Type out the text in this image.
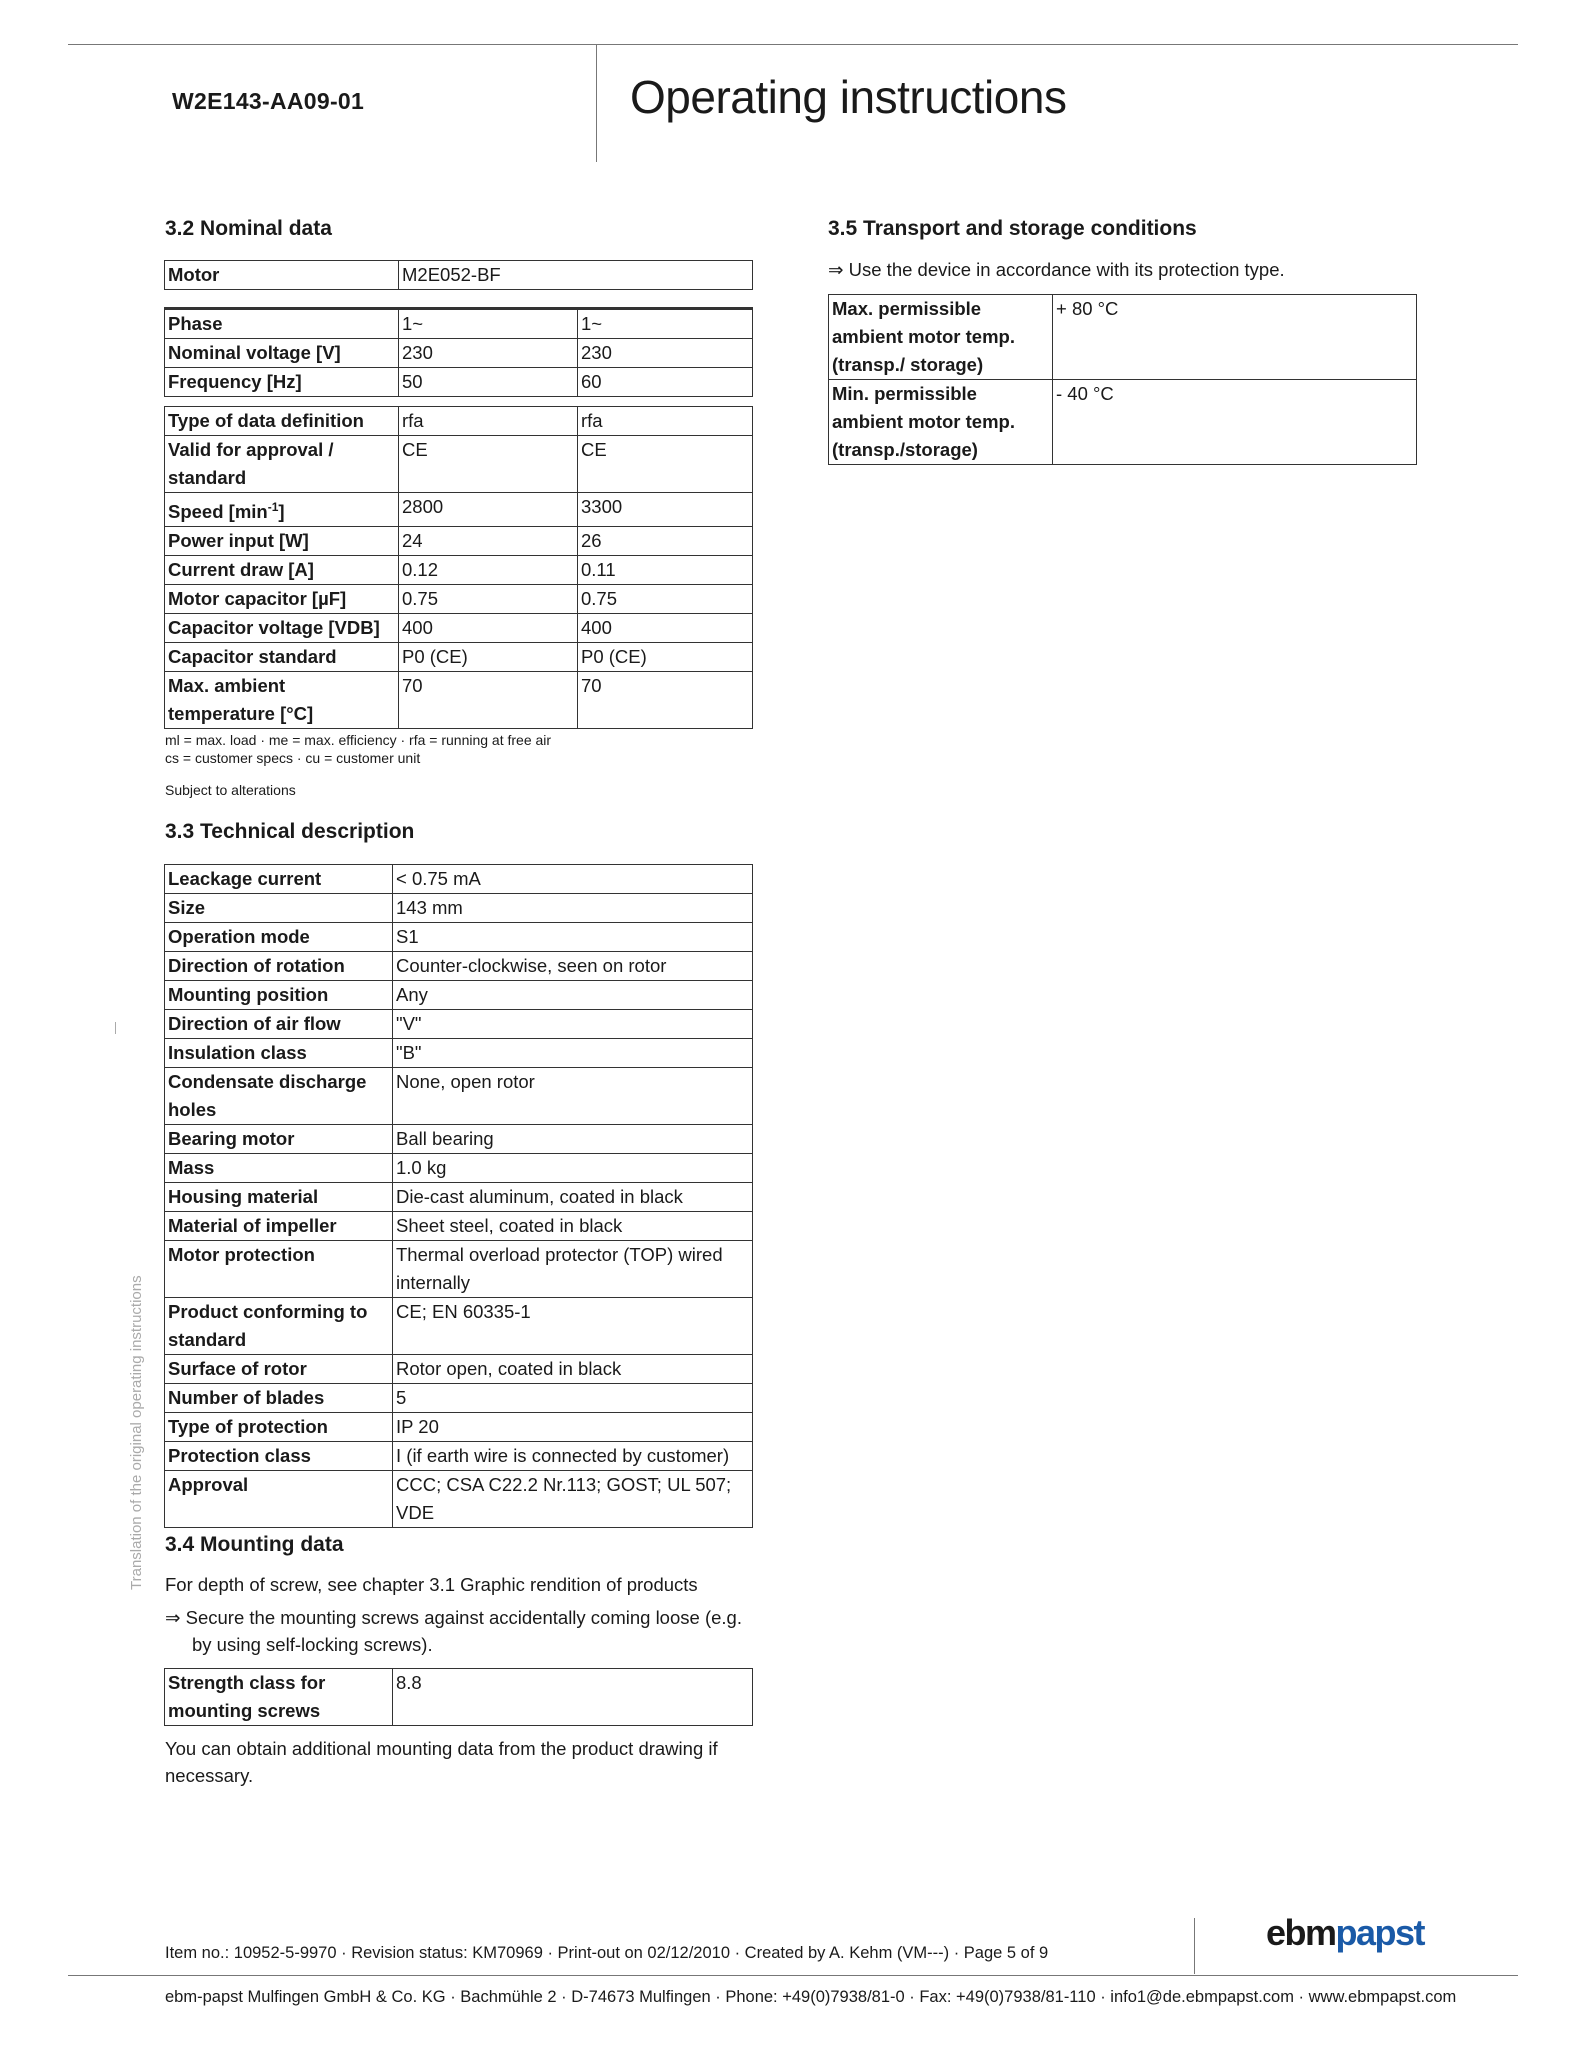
W2E143-AA09-01	Operating instructions
Translation of the original operating instructions
3.2 Nominal data
Motor	M2E052-BF
Phase	1~	1~
Nominal voltage [V]	230	230
Frequency [Hz]	50	60
Type of data definition	rfa	rfa
Valid for approval / standard	CE	CE
Speed $[\min^{-1}]$	2800	3300
Power input [W]	24	26
Current draw [A]	0.12	0.11
Motor capacitor [µF]	0.75	0.75
Capacitor voltage [VDB]	400	400
Capacitor standard	P0 (CE)	P0 (CE)
Max. ambient temperature [°C]	70	70
ml = max. load · me = max. efficiency · rfa = running at free air
cs = customer specs · cu = customer unit
Subject to alterations
3.3 Technical description
Leackage current	< 0.75 mA
Size	143 mm
Operation mode	S1
Direction of rotation	Counter-clockwise, seen on rotor
Mounting position	Any
Direction of air flow	"V"
Insulation class	"B"
Condensate discharge holes	None, open rotor
Bearing motor	Ball bearing
Mass	1.0 kg
Housing material	Die-cast aluminum, coated in black
Material of impeller	Sheet steel, coated in black
Motor protection	Thermal overload protector (TOP) wired internally
Product conforming to standard	CE; EN 60335-1
Surface of rotor	Rotor open, coated in black
Number of blades	5
Type of protection	IP 20
Protection class	I (if earth wire is connected by customer)
Approval	CCC; CSA C22.2 Nr.113; GOST; UL 507; VDE
3.4 Mounting data
For depth of screw, see chapter 3.1 Graphic rendition of products
⇒ Secure the mounting screws against accidentally coming loose (e.g.
by using self-locking screws).
Strength class for mounting screws	8.8
You can obtain additional mounting data from the product drawing if
necessary.
3.5 Transport and storage conditions
⇒ Use the device in accordance with its protection type.
Max. permissible ambient motor temp. (transp./ storage)	+ 80 °C
Min. permissible ambient motor temp. (transp./storage)	- 40 °C
Item no.: 10952-5-9970 · Revision status: KM70969 · Print-out on 02/12/2010 · Created by A. Kehm (VM---) · Page 5 of 9	ebmpapst
ebm-papst Mulfingen GmbH & Co. KG · Bachmühle 2 · D-74673 Mulfingen · Phone: +49(0)7938/81-0 · Fax: +49(0)7938/81-110 · info1@de.ebmpapst.com · www.ebmpapst.com
